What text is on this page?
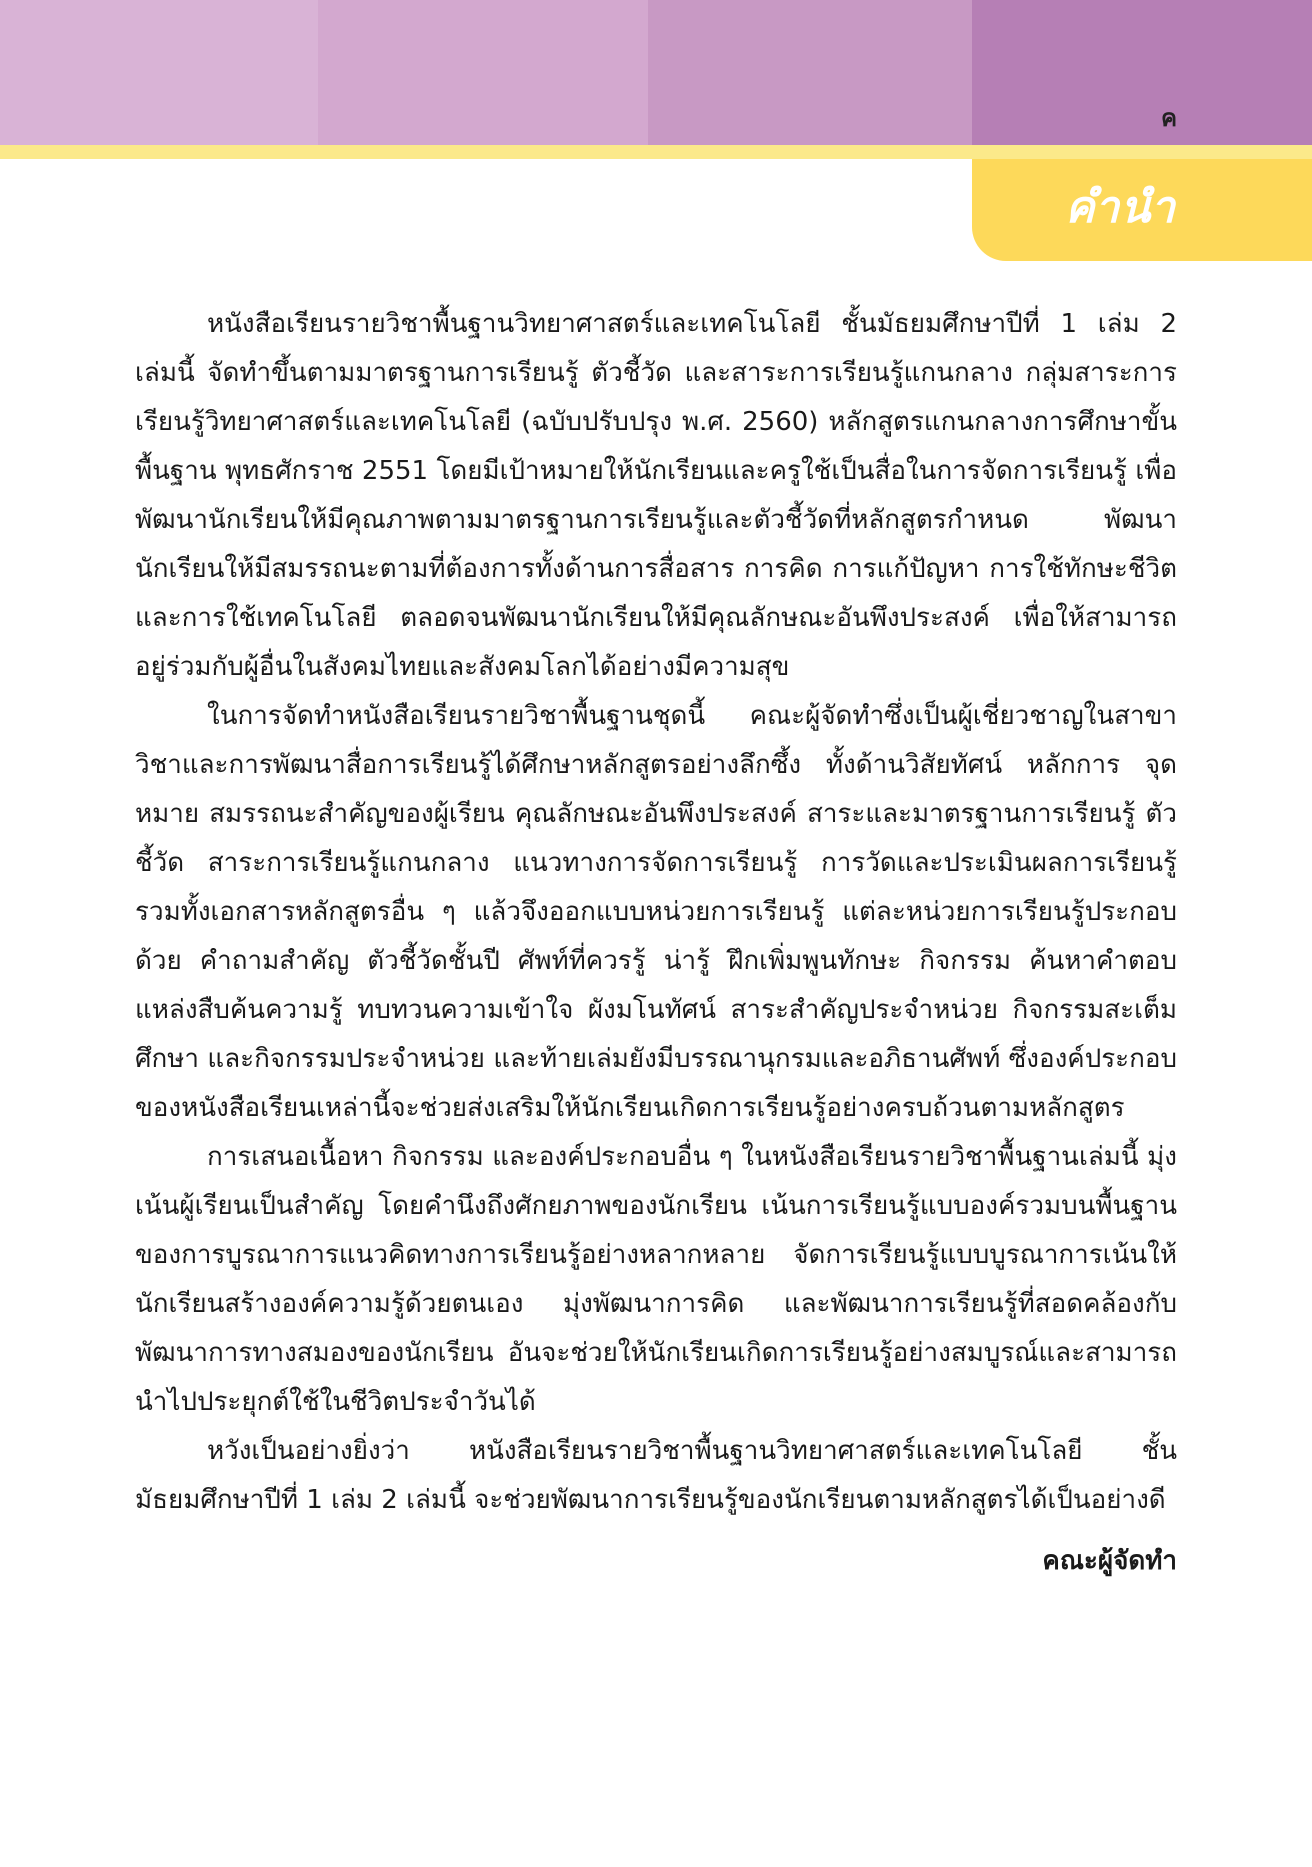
ค
คำนำ

หนังสือเรียนรายวิชาพื้นฐานวิทยาศาสตร์และเทคโนโลยี ชั้นมัธยมศึกษาปีที่ 1 เล่ม 2 เล่มนี้ จัดทำขึ้นตามมาตรฐานการเรียนรู้ ตัวชี้วัด และสาระการเรียนรู้แกนกลาง กลุ่มสาระการเรียนรู้วิทยาศาสตร์และเทคโนโลยี (ฉบับปรับปรุง พ.ศ. 2560) หลักสูตรแกนกลางการศึกษาขั้นพื้นฐาน พุทธศักราช 2551 โดยมีเป้าหมายให้นักเรียนและครูใช้เป็นสื่อในการจัดการเรียนรู้ เพื่อพัฒนานักเรียนให้มีคุณภาพตามมาตรฐานการเรียนรู้และตัวชี้วัดที่หลักสูตรกำหนด พัฒนานักเรียนให้มีสมรรถนะตามที่ต้องการทั้งด้านการสื่อสาร การคิด การแก้ปัญหา การใช้ทักษะชีวิต และการใช้เทคโนโลยี ตลอดจนพัฒนานักเรียนให้มีคุณลักษณะอันพึงประสงค์ เพื่อให้สามารถอยู่ร่วมกับผู้อื่นในสังคมไทยและสังคมโลกได้อย่างมีความสุข

ในการจัดทำหนังสือเรียนรายวิชาพื้นฐานชุดนี้ คณะผู้จัดทำซึ่งเป็นผู้เชี่ยวชาญในสาขาวิชาและการพัฒนาสื่อการเรียนรู้ได้ศึกษาหลักสูตรอย่างลึกซึ้ง ทั้งด้านวิสัยทัศน์ หลักการ จุดหมาย สมรรถนะสำคัญของผู้เรียน คุณลักษณะอันพึงประสงค์ สาระและมาตรฐานการเรียนรู้ ตัวชี้วัด สาระการเรียนรู้แกนกลาง แนวทางการจัดการเรียนรู้ การวัดและประเมินผลการเรียนรู้ รวมทั้งเอกสารหลักสูตรอื่น ๆ แล้วจึงออกแบบหน่วยการเรียนรู้ แต่ละหน่วยการเรียนรู้ประกอบด้วย คำถามสำคัญ ตัวชี้วัดชั้นปี ศัพท์ที่ควรรู้ น่ารู้ ฝึกเพิ่มพูนทักษะ กิจกรรม ค้นหาคำตอบ แหล่งสืบค้นความรู้ ทบทวนความเข้าใจ ผังมโนทัศน์ สาระสำคัญประจำหน่วย กิจกรรมสะเต็มศึกษา และกิจกรรมประจำหน่วย และท้ายเล่มยังมีบรรณานุกรมและอภิธานศัพท์ ซึ่งองค์ประกอบของหนังสือเรียนเหล่านี้จะช่วยส่งเสริมให้นักเรียนเกิดการเรียนรู้อย่างครบถ้วนตามหลักสูตร

การเสนอเนื้อหา กิจกรรม และองค์ประกอบอื่น ๆ ในหนังสือเรียนรายวิชาพื้นฐานเล่มนี้ มุ่งเน้นผู้เรียนเป็นสำคัญ โดยคำนึงถึงศักยภาพของนักเรียน เน้นการเรียนรู้แบบองค์รวมบนพื้นฐานของการบูรณาการแนวคิดทางการเรียนรู้อย่างหลากหลาย จัดการเรียนรู้แบบบูรณาการเน้นให้นักเรียนสร้างองค์ความรู้ด้วยตนเอง มุ่งพัฒนาการคิด และพัฒนาการเรียนรู้ที่สอดคล้องกับพัฒนาการทางสมองของนักเรียน อันจะช่วยให้นักเรียนเกิดการเรียนรู้อย่างสมบูรณ์และสามารถนำไปประยุกต์ใช้ในชีวิตประจำวันได้

หวังเป็นอย่างยิ่งว่า หนังสือเรียนรายวิชาพื้นฐานวิทยาศาสตร์และเทคโนโลยี ชั้นมัธยมศึกษาปีที่ 1 เล่ม 2 เล่มนี้ จะช่วยพัฒนาการเรียนรู้ของนักเรียนตามหลักสูตรได้เป็นอย่างดี

คณะผู้จัดทำ
